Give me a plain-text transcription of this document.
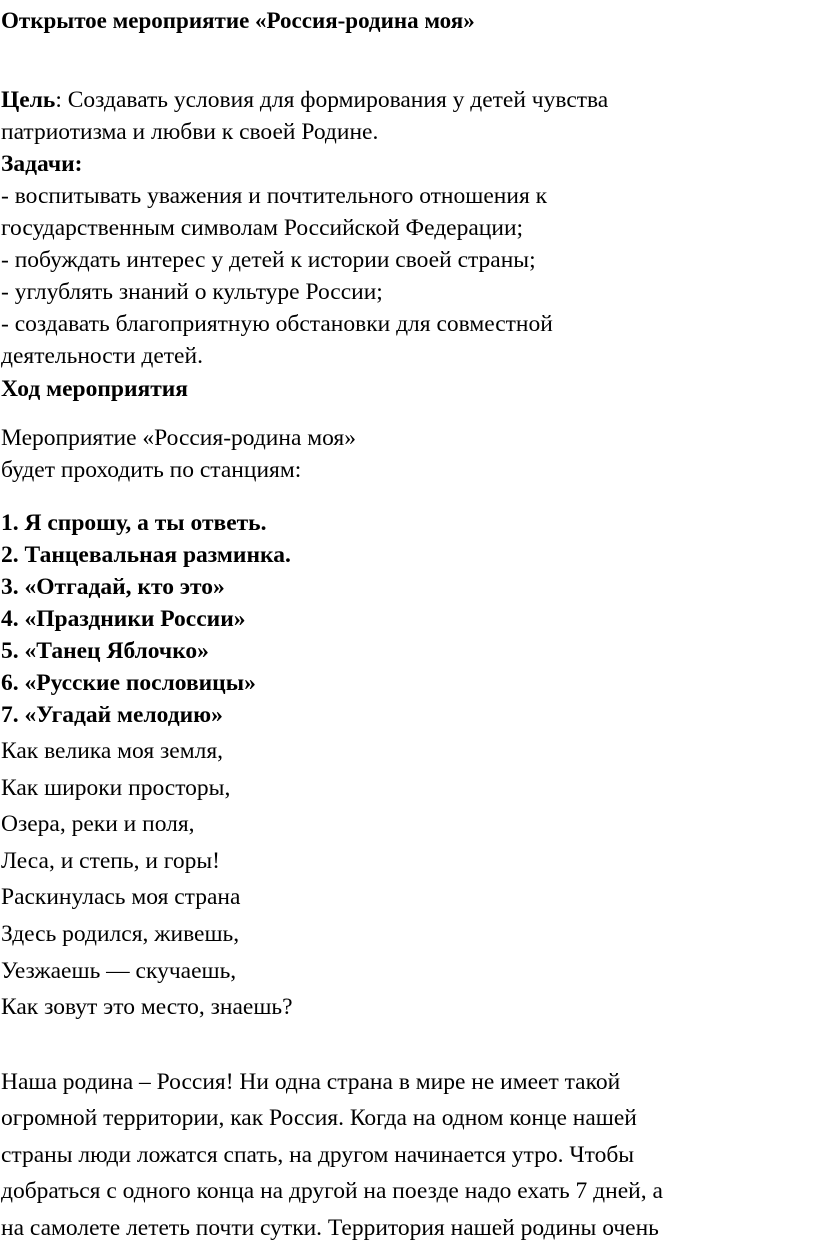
Открытое мероприятие «Россия-родина моя»
Цель: Создавать условия для формирования у детей чувства
патриотизма и любви к своей Родине.
Задачи:
- воспитывать уважения и почтительного отношения к
государственным символам Российской Федерации;
- побуждать интерес у детей к истории своей страны;
- углублять знаний о культуре России;
- создавать благоприятную обстановки для совместной
деятельности детей.
Ход мероприятия
Мероприятие «Россия-родина моя»
будет проходить по станциям:
1. Я спрошу, а ты ответь.
2. Танцевальная разминка.
3. «Отгадай, кто это»
4. «Праздники России»
5. «Танец Яблочко»
6. «Русские пословицы»
7. «Угадай мелодию»
Как велика моя земля,
Как широки просторы,
Озера, реки и поля,
Леса, и степь, и горы!
Раскинулась моя страна
Здесь родился, живешь,
Уезжаешь — скучаешь,
Как зовут это место, знаешь?
Наша родина – Россия! Ни одна страна в мире не имеет такой
огромной территории, как Россия. Когда на одном конце нашей
страны люди ложатся спать, на другом начинается утро. Чтобы
добраться с одного конца на другой на поезде надо ехать 7 дней, а
на самолете лететь почти сутки. Территория нашей родины очень
